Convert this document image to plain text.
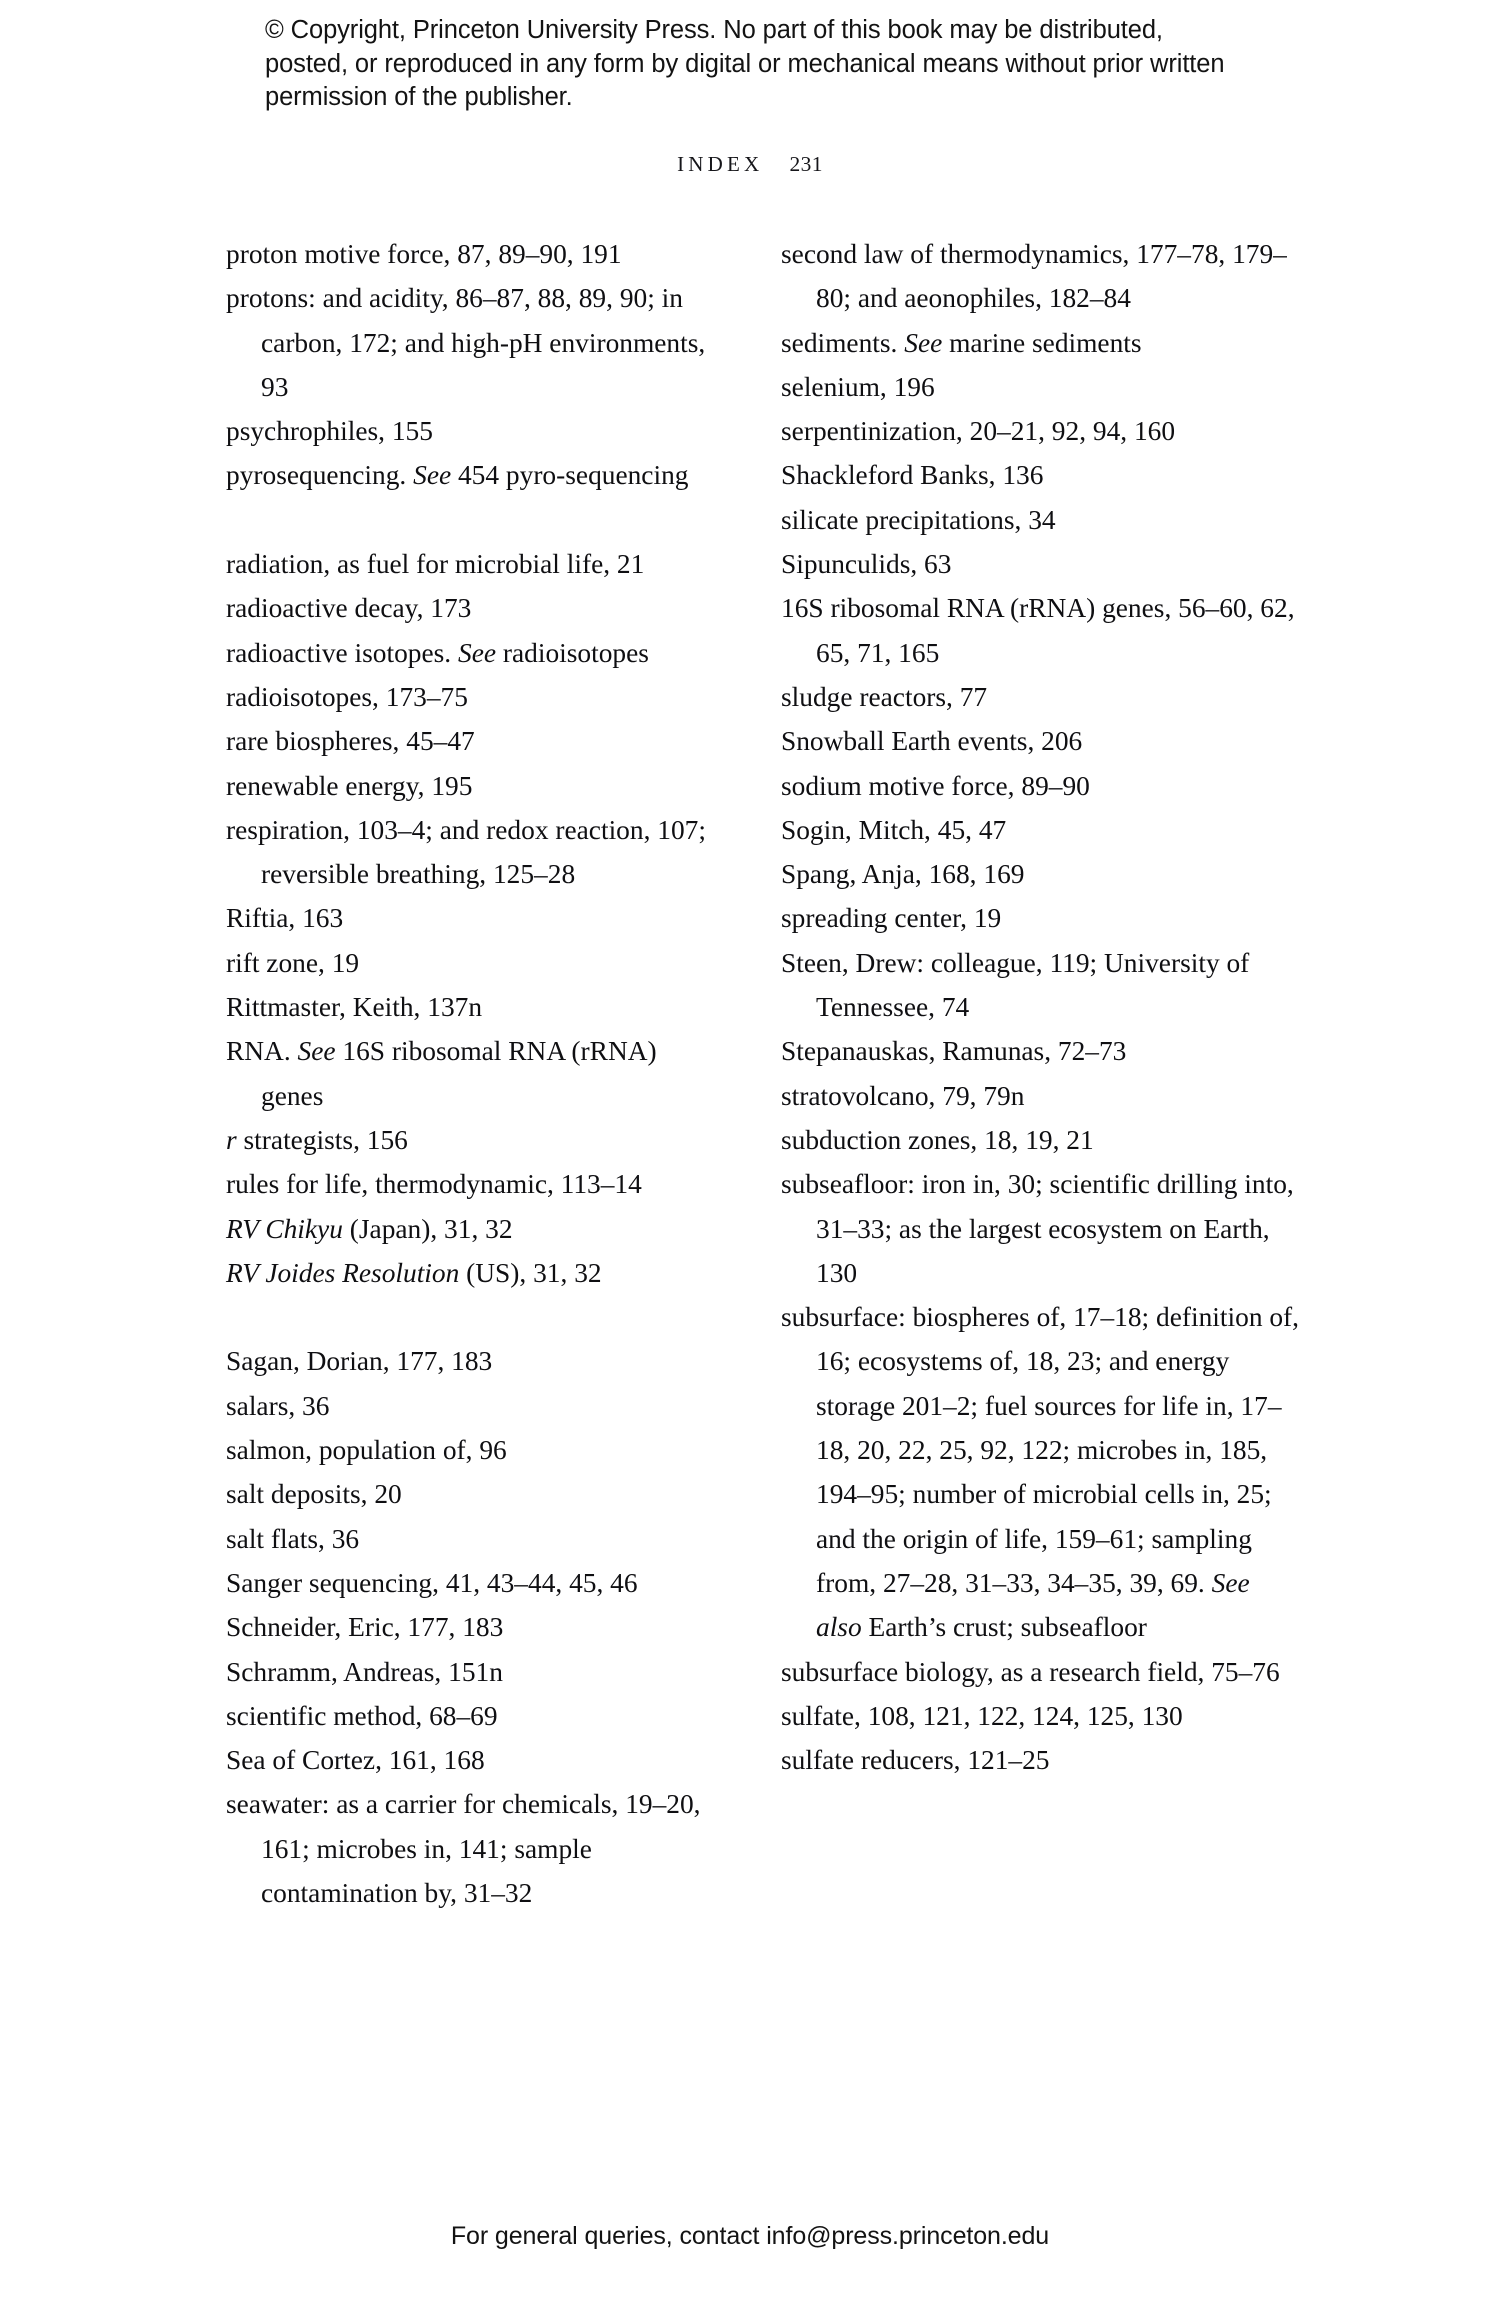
© Copyright, Princeton University Press. No part of this book may be distributed, posted, or reproduced in any form by digital or mechanical means without prior written permission of the publisher.

INDEX 231

proton motive force, 87, 89–90, 191

protons: and acidity, 86–87, 88, 89, 90; in carbon, 172; and high-pH environments, 93

psychrophiles, 155

pyrosequencing. See 454 pyro-sequencing

radiation, as fuel for microbial life, 21

radioactive decay, 173

radioactive isotopes. See radioisotopes

radioisotopes, 173–75

rare biospheres, 45–47

renewable energy, 195

respiration, 103–4; and redox reaction, 107; reversible breathing, 125–28

Riftia, 163

rift zone, 19

Rittmaster, Keith, 137n

RNA. See 16S ribosomal RNA (rRNA) genes

r strategists, 156

rules for life, thermodynamic, 113–14

RV Chikyu (Japan), 31, 32

RV Joides Resolution (US), 31, 32

Sagan, Dorian, 177, 183

salars, 36

salmon, population of, 96

salt deposits, 20

salt flats, 36

Sanger sequencing, 41, 43–44, 45, 46

Schneider, Eric, 177, 183

Schramm, Andreas, 151n

scientific method, 68–69

Sea of Cortez, 161, 168

seawater: as a carrier for chemicals, 19–20, 161; microbes in, 141; sample contamination by, 31–32

second law of thermodynamics, 177–78, 179–80; and aeonophiles, 182–84

sediments. See marine sediments

selenium, 196

serpentinization, 20–21, 92, 94, 160

Shackleford Banks, 136

silicate precipitations, 34

Sipunculids, 63

16S ribosomal RNA (rRNA) genes, 56–60, 62, 65, 71, 165

sludge reactors, 77

Snowball Earth events, 206

sodium motive force, 89–90

Sogin, Mitch, 45, 47

Spang, Anja, 168, 169

spreading center, 19

Steen, Drew: colleague, 119; University of Tennessee, 74

Stepanauskas, Ramunas, 72–73

stratovolcano, 79, 79n

subduction zones, 18, 19, 21

subseafloor: iron in, 30; scientific drilling into, 31–33; as the largest ecosystem on Earth, 130

subsurface: biospheres of, 17–18; definition of, 16; ecosystems of, 18, 23; and energy storage 201–2; fuel sources for life in, 17–18, 20, 22, 25, 92, 122; microbes in, 185, 194–95; number of microbial cells in, 25; and the origin of life, 159–61; sampling from, 27–28, 31–33, 34–35, 39, 69. See also Earth’s crust; subseafloor

subsurface biology, as a research field, 75–76

sulfate, 108, 121, 122, 124, 125, 130

sulfate reducers, 121–25

For general queries, contact info@press.princeton.edu
